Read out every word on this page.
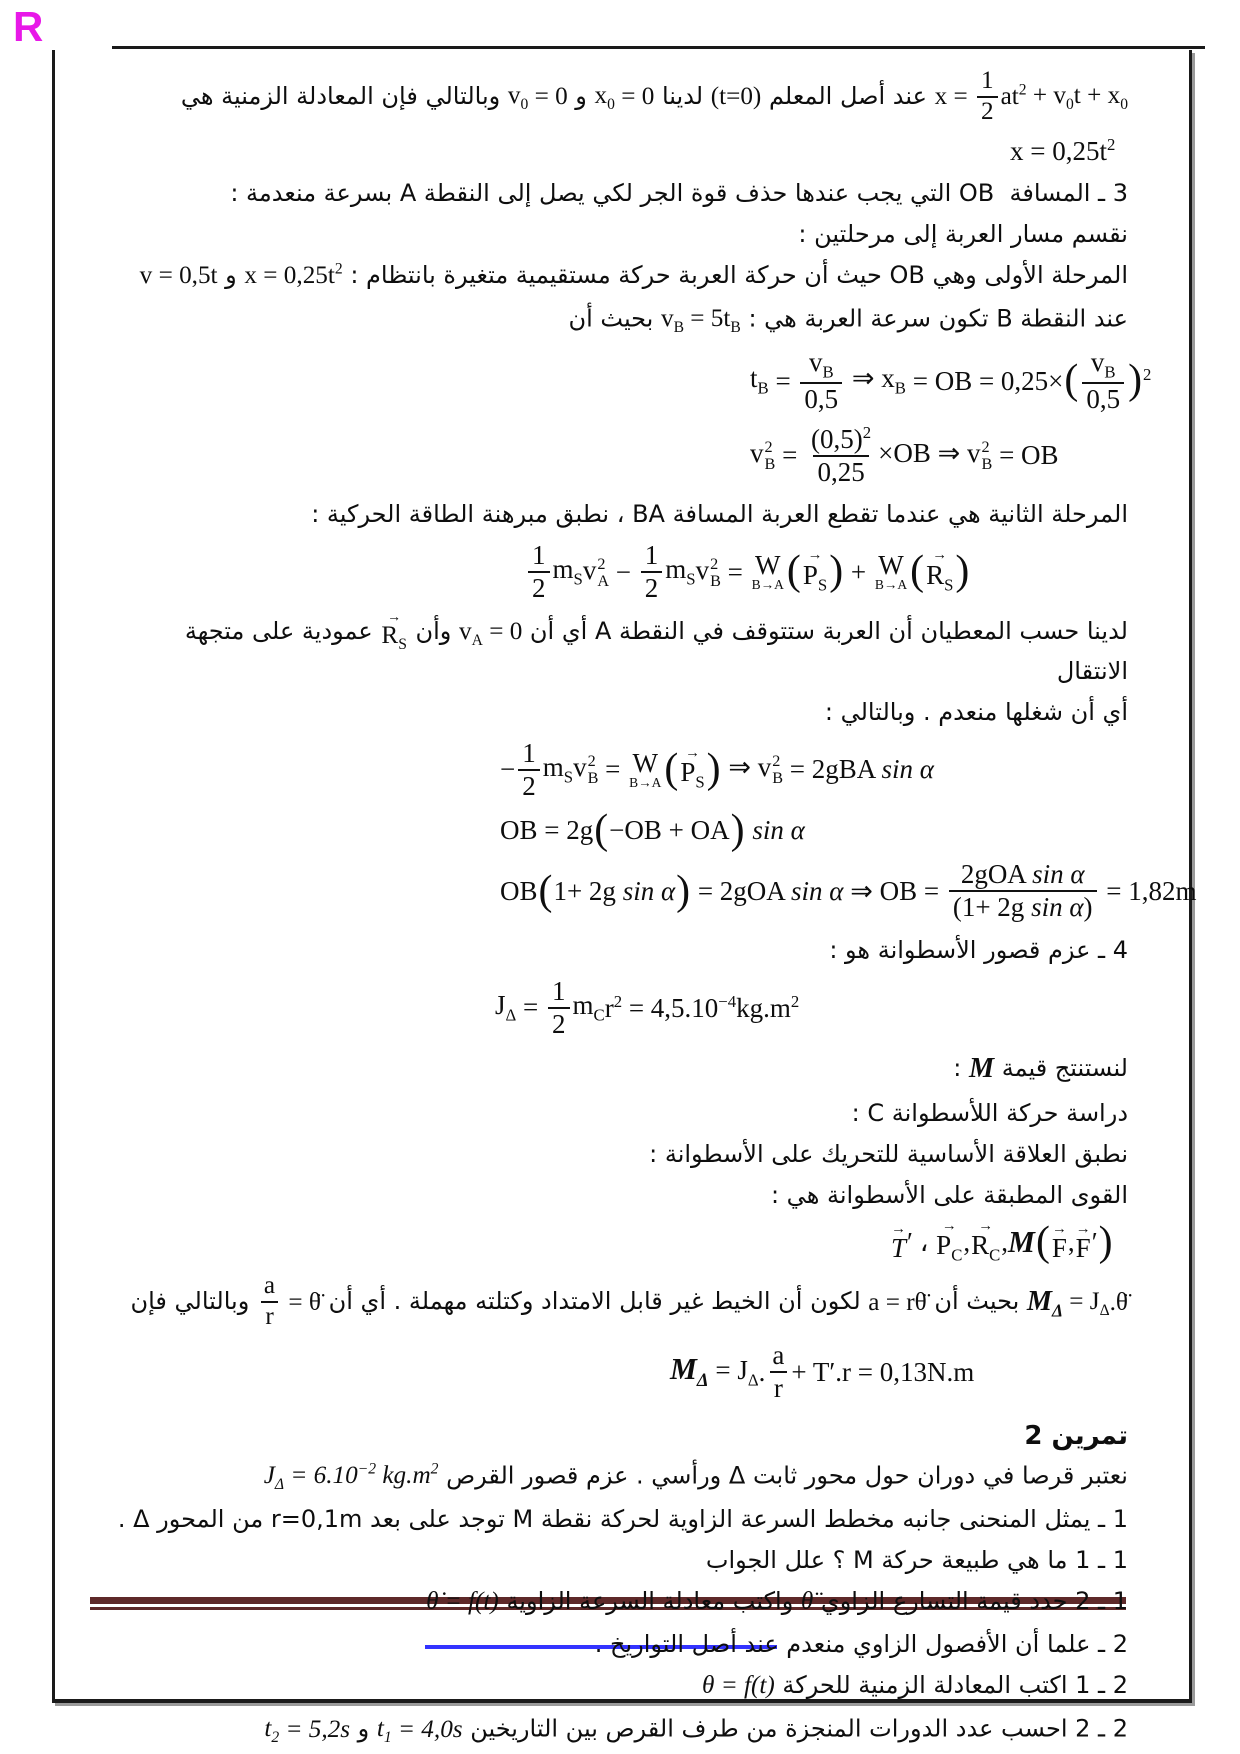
R
$x = \frac{1}{2} at^2 + v_0$ $t + x_0$
عند أصل المعلم
(t=0)
لدينا
$x_0 = 0$
و
$v_0 = 0$
وبالتالي فإن المعادلة الزمنية هي
$x = 0,25t^2$
3 ـ المسافة  OB التي يجب عندها حذف قوة الجر لكي يصل إلى النقطة A بسرعة منعدمة :
نقسم مسار العربة إلى مرحلتين :
المرحلة الأولى وهي OB حيث أن حركة العربة حركة مستقيمية متغيرة بانتظام :
$x = 0,25t^2$
و
v = 0,5t
عند النقطة B تكون سرعة العربة هي :
$v_B = 5t_B$
بحيث أن
$t_B = \frac{v_B}{0,5}$ ⇒ $x_B$ = OB = 0,25× ( $v_B$
0,5 ) $^2$
v 2
$B = \frac{(0,5)^2}{0,25} \times OB$ ⇒ v 2
B = OB
المرحلة الثانية هي عندما تقطع العربة المسافة BA ، نطبق مبرهنة الطاقة الحركية :
1
2
$m_S$ v 2
$A - \frac{1}{2} m_S$ v 2
B = W
B→A ( →
$P_S$ ) + W
B→A ( →
$R_S$ )
لدينا حسب المعطيان أن العربة ستتوقف في النقطة A أي أن
$v_A = 0$
وأن
→
$R_S$
عمودية على متجهة الانتقال
أي أن شغلها منعدم . وبالتالي :
− $\frac{1}{2} m_S$ v 2
B = W
B→A ( →
$P_S$ ) ⇒ v 2
B = 2gBA sin α
OB = 2g ( −OB + OA )
sin α
OB ( 1+ 2g sin α ) = 2gOA sin α ⇒ OB =
2gOA sin α
(1+ 2g sin α)
= 1,82m
4 ـ عزم قصور الأسطوانة هو :
$J_\Delta = \frac{1}{2} m_C$ $r^2 = 4,5.10^{-4}$ $kg.m^2$
لنستنتج قيمة
M
:
دراسة حركة اللأسطوانة C :
نطبق العلاقة الأساسية للتحريك على الأسطوانة :
القوى المطبقة على الأسطوانة هي :
→
T ′ ،
→
$P_C$ ,
→
$R_C$ , M ( →
F , →
F ′ )
$M_\Delta = J_\Delta$ .θ̈
بحيث أن
a = rθ̈
لكون أن الخيط غير قابل الامتداد وكتلته مهملة . أي أن
$\frac{a}{r}$ = θ̈
وبالتالي فإن
$M_\Delta = J_\Delta$ .
a
r
+ T′.r = 0,13N.m
تمرين 2
نعتبر قرصا في دوران حول محور ثابت Δ ورأسي . عزم قصور القرص
$J_\Delta = 6.10^{-2}$ $kg.m^2$
1 ـ يمثل المنحنى جانبه مخطط السرعة الزاوية لحركة نقطة M توجد على بعد r=0,1m من المحور Δ .
1 ـ 1 ما هي طبيعة حركة M ؟ علل الجواب
1 ـ 2 حدد قيمة التسارع الزاوي
θ̈
واكتب معادلة السرعة الزاوية
θ̇ = f(t)
2 ـ علما أن الأفصول الزاوي منعدم عند أصل التواريخ .
2 ـ 1 اكتب المعادلة الزمنية للحركة
θ = f(t)
2 ـ 2 احسب عدد الدورات المنجزة من طرف القرص بين التاريخين
$t_1 = 4,0s$
و
$t_2 = 5,2s$
